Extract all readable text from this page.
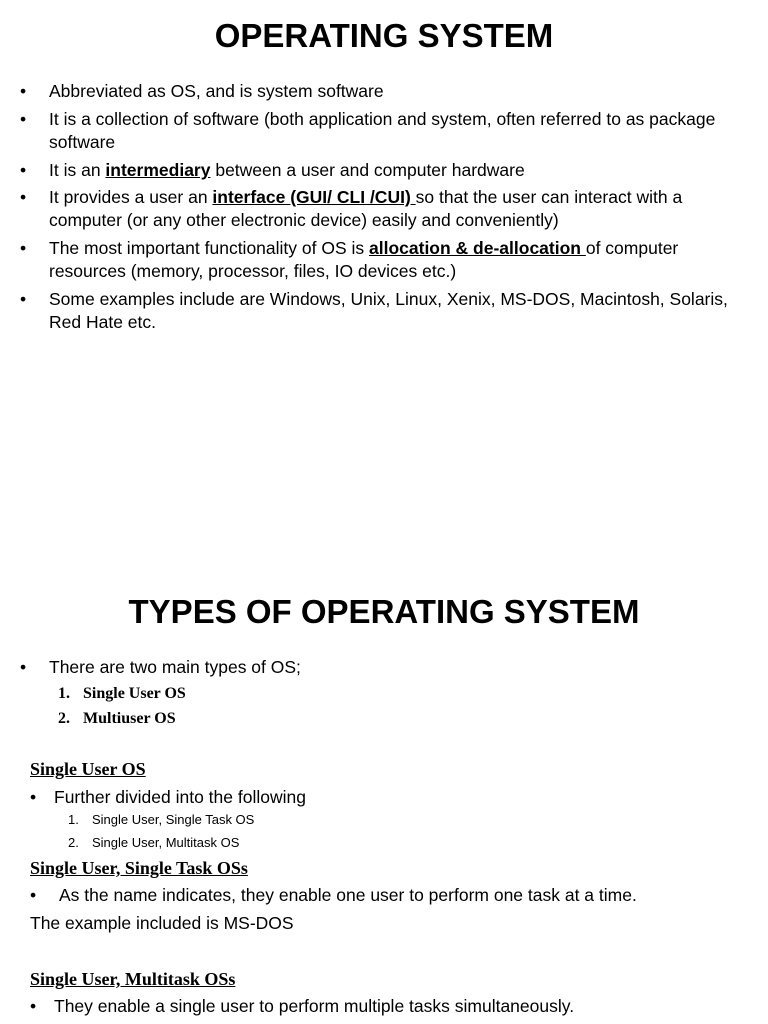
OPERATING SYSTEM
• Abbreviated as OS, and is system software
• It is a collection of software (both application and system, often referred to as package software
• It is an intermediary between a user and computer hardware
• It provides a user an interface (GUI/ CLI /CUI) so that the user can interact with a computer (or any other electronic device) easily and conveniently)
• The most important functionality of OS is allocation & de-allocation of computer resources (memory, processor, files, IO devices etc.)
• Some examples include are Windows, Unix, Linux, Xenix, MS-DOS, Macintosh, Solaris, Red Hate etc.
TYPES OF OPERATING SYSTEM
• There are two main types of OS;
1. Single User OS
2. Multiuser OS
Single User OS
• Further divided into the following
1. Single User, Single Task OS
2. Single User, Multitask OS
Single User, Single Task OSs
• As the name indicates, they enable one user to perform one task at a time.
The example included is MS-DOS
Single User, Multitask OSs
• They enable a single user to perform multiple tasks simultaneously.
